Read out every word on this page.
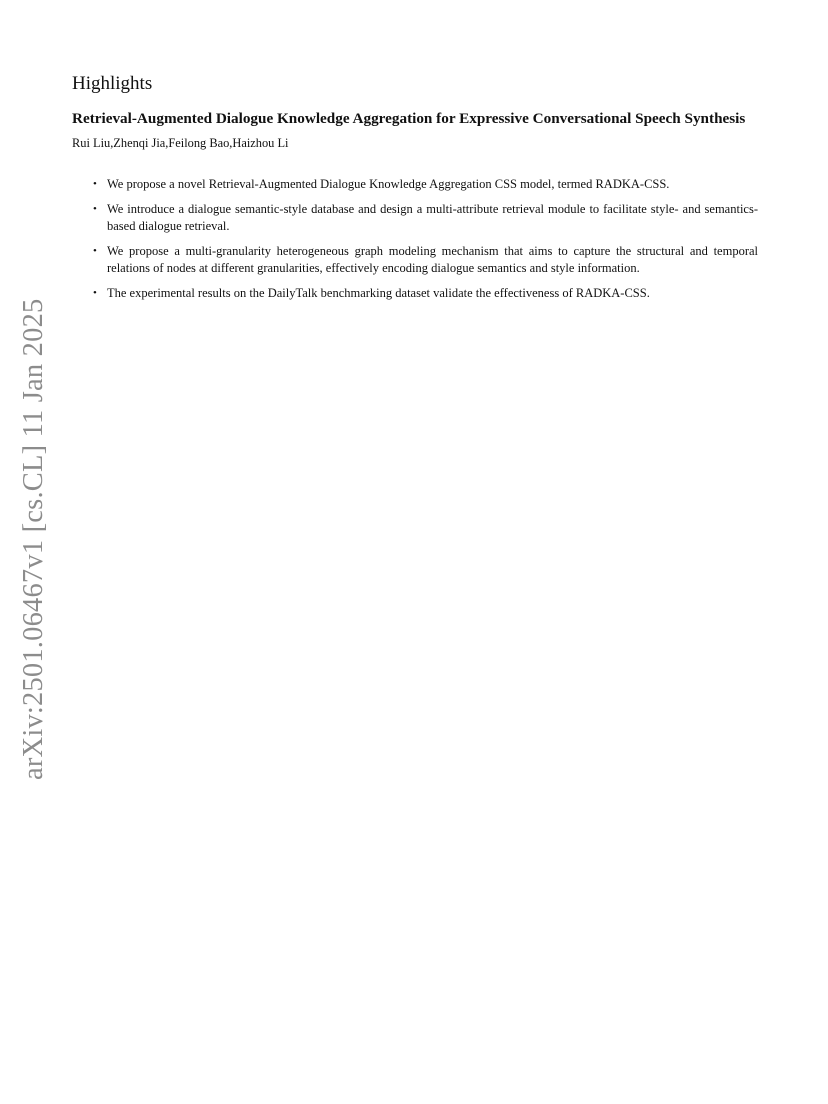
arXiv:2501.06467v1 [cs.CL] 11 Jan 2025
Highlights
Retrieval-Augmented Dialogue Knowledge Aggregation for Expressive Conversational Speech Synthesis

Rui Liu,Zhenqi Jia,Feilong Bao,Haizhou Li

• We propose a novel Retrieval-Augmented Dialogue Knowledge Aggregation CSS model, termed RADKA-CSS.
• We introduce a dialogue semantic-style database and design a multi-attribute retrieval module to facilitate style- and semantics-based dialogue retrieval.
• We propose a multi-granularity heterogeneous graph modeling mechanism that aims to capture the structural and temporal relations of nodes at different granularities, effectively encoding dialogue semantics and style information.
• The experimental results on the DailyTalk benchmarking dataset validate the effectiveness of RADKA-CSS.
